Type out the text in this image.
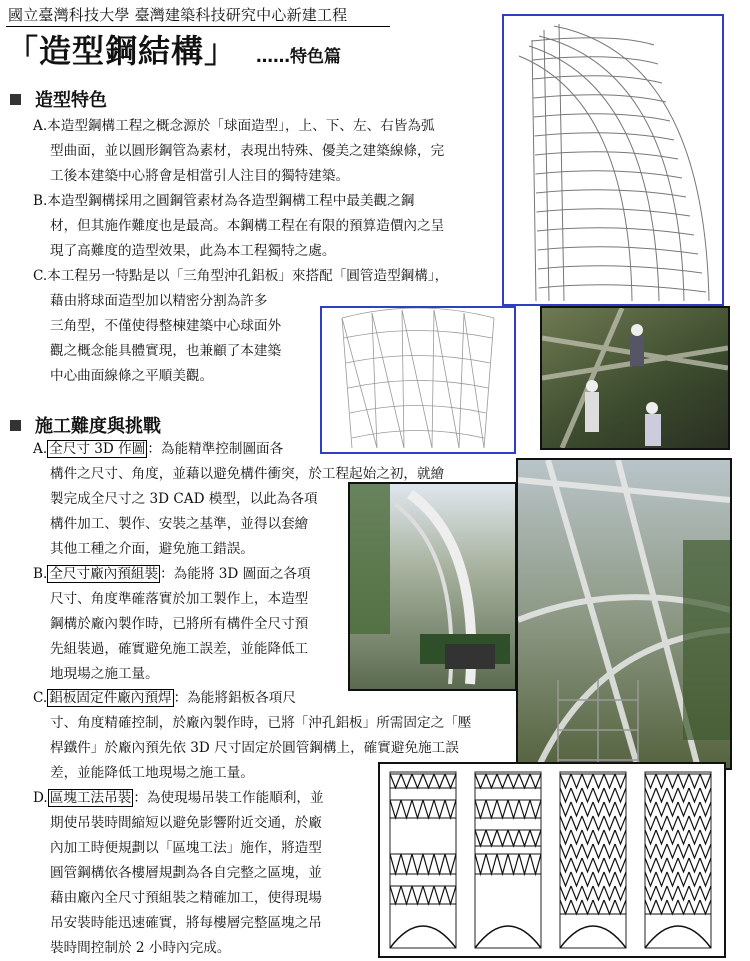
國立臺灣科技大學 臺灣建築科技研究中心新建工程
「造型鋼結構」 ……特色篇
造型特色
A.本造型鋼構工程之概念源於「球面造型」，上、下、左、右皆為弧
型曲面，並以圓形鋼管為素材，表現出特殊、優美之建築線條，完
工後本建築中心將會是相當引人注目的獨特建築。
B.本造型鋼構採用之圓鋼管素材為各造型鋼構工程中最美觀之鋼
材，但其施作難度也是最高。本鋼構工程在有限的預算造價內之呈
現了高難度的造型效果，此為本工程獨特之處。
C.本工程另一特點是以「三角型沖孔鋁板」來搭配「圓管造型鋼構」，
藉由將球面造型加以精密分割為許多
三角型，不僅使得整棟建築中心球面外
觀之概念能具體實現，也兼顧了本建築
中心曲面線條之平順美觀。
施工難度與挑戰
A. 全尺寸 3D 作圖 ：為能精準控制圖面各
構件之尺寸、角度，並藉以避免構件衝突，於工程起始之初，就繪
製完成全尺寸之 3D CAD 模型，以此為各項
構件加工、製作、安裝之基準，並得以套繪
其他工種之介面，避免施工錯誤。
B. 全尺寸廠內預組裝 ：為能將 3D 圖面之各項
尺寸、角度準確落實於加工製作上，本造型
鋼構於廠內製作時，已將所有構件全尺寸預
先組裝過，確實避免施工誤差，並能降低工
地現場之施工量。
C. 鋁板固定件廠內預焊 ：為能將鋁板各項尺
寸、角度精確控制，於廠內製作時，已將「沖孔鋁板」所需固定之「壓
桿鐵件」於廠內預先依 3D 尺寸固定於圓管鋼構上，確實避免施工誤
差，並能降低工地現場之施工量。
D. 區塊工法吊裝 ：為使現場吊裝工作能順利，並
期使吊裝時間縮短以避免影響附近交通，於廠
內加工時便規劃以「區塊工法」施作，將造型
圓管鋼構依各樓層規劃為各自完整之區塊，並
藉由廠內全尺寸預組裝之精確加工，使得現場
吊安裝時能迅速確實，將每樓層完整區塊之吊
裝時間控制於 2 小時內完成。
